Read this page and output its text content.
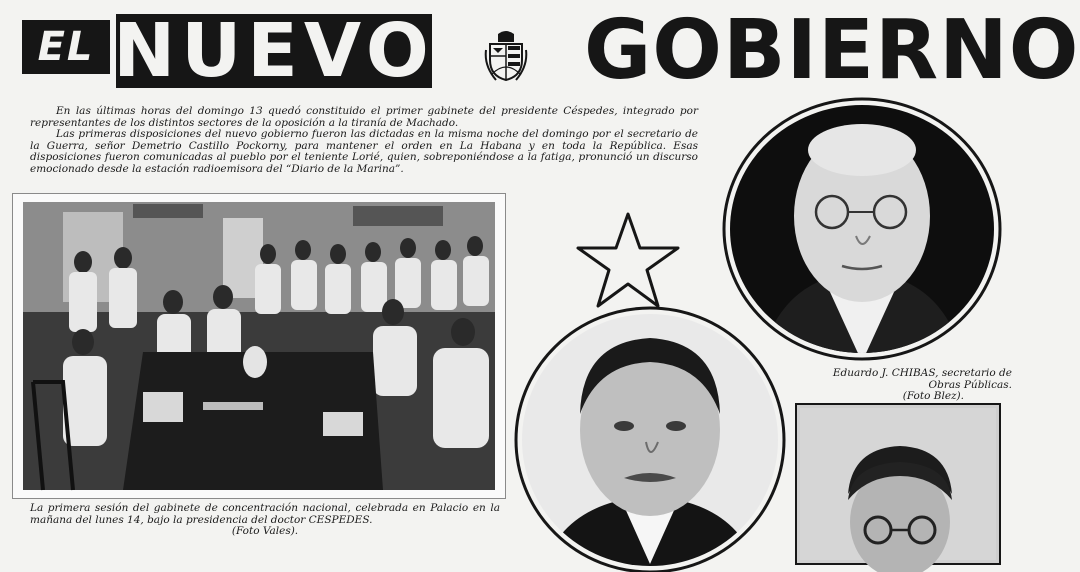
EL NUEVO GOBIERNO

En las últimas horas del domingo 13 quedó constituido el primer gabinete del presidente Céspedes, integrado por representantes de los distintos sectores de la oposición a la tiranía de Machado.

Las primeras disposiciones del nuevo gobierno fueron las dictadas en la misma noche del domingo por el secretario de la Guerra, señor Demetrio Castillo Pockorny, para mantener el orden en La Habana y en toda la República. Esas disposiciones fueron comunicadas al pueblo por el teniente Lorié, quien, sobreponiéndose a la fatiga, pronunció un discurso emocionado desde la estación radioemisora del “Diario de la Marina”.

La primera sesión del gabinete de concentración nacional, celebrada en Palacio en la mañana del lunes 14, bajo la presidencia del doctor CESPEDES.
(Foto Vales).
Eduardo J. CHIBAS, secretario de Obras Públicas.
(Foto Blez).
